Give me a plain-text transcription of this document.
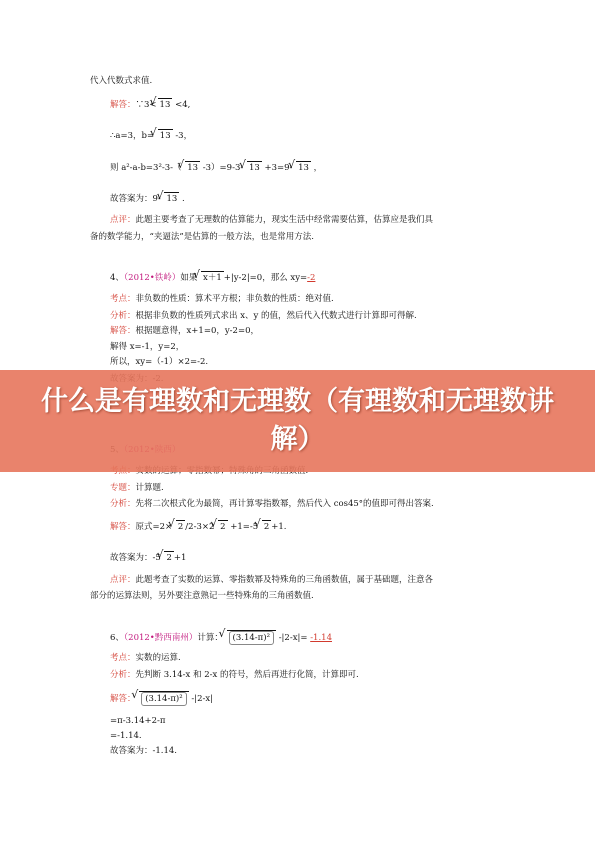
代入代数式求值.
解答：∵3< √ 13 <4,
∴a=3，b= √ 13 -3，
则 a²-a-b=3²-3-（ √ 13 -3）=9-3- √ 13 +3=9- √ 13 ，
故答案为：9- √ 13 .
点评：此题主要考查了无理数的估算能力，现实生活中经常需要估算，估算应是我们具
备的数学能力，“夹逼法”是估算的一般方法，也是常用方法.
4、（2012•铁岭）如果 √ x＋1 +|y-2|=0，那么 xy=-2
考点：非负数的性质：算术平方根；非负数的性质：绝对值.
分析：根据非负数的性质列式求出 x、y 的值，然后代入代数式进行计算即可得解.
解答：根据题意得，x+1=0，y-2=0，
解得 x=-1，y=2，
所以，xy=（-1）×2=-2.
专题：计算题.
分析：先将二次根式化为最简，再计算零指数幂，然后代入 cos45°的值即可得出答案.
解答：原式=2× √ 2 /2-3×2 √ 2 +1=-5 √ 2 +1.
故答案为：-5 √ 2 +1
点评：此题考查了实数的运算、零指数幂及特殊角的三角函数值，属于基础题，注意各
部分的运算法则，另外要注意熟记一些特殊角的三角函数值.
6、（2012•黔西南州）计算： √ (3.14-π)² -|2-x|= -1.14
考点：实数的运算.
分析：先判断 3.14-x 和 2-x 的符号，然后再进行化简，计算即可.
解答： √ (3.14-π)² -|2-x|
=π-3.14+2-π
=-1.14.
故答案为：-1.14.
什么是有理数和无理数（有理数和无理数讲解）
